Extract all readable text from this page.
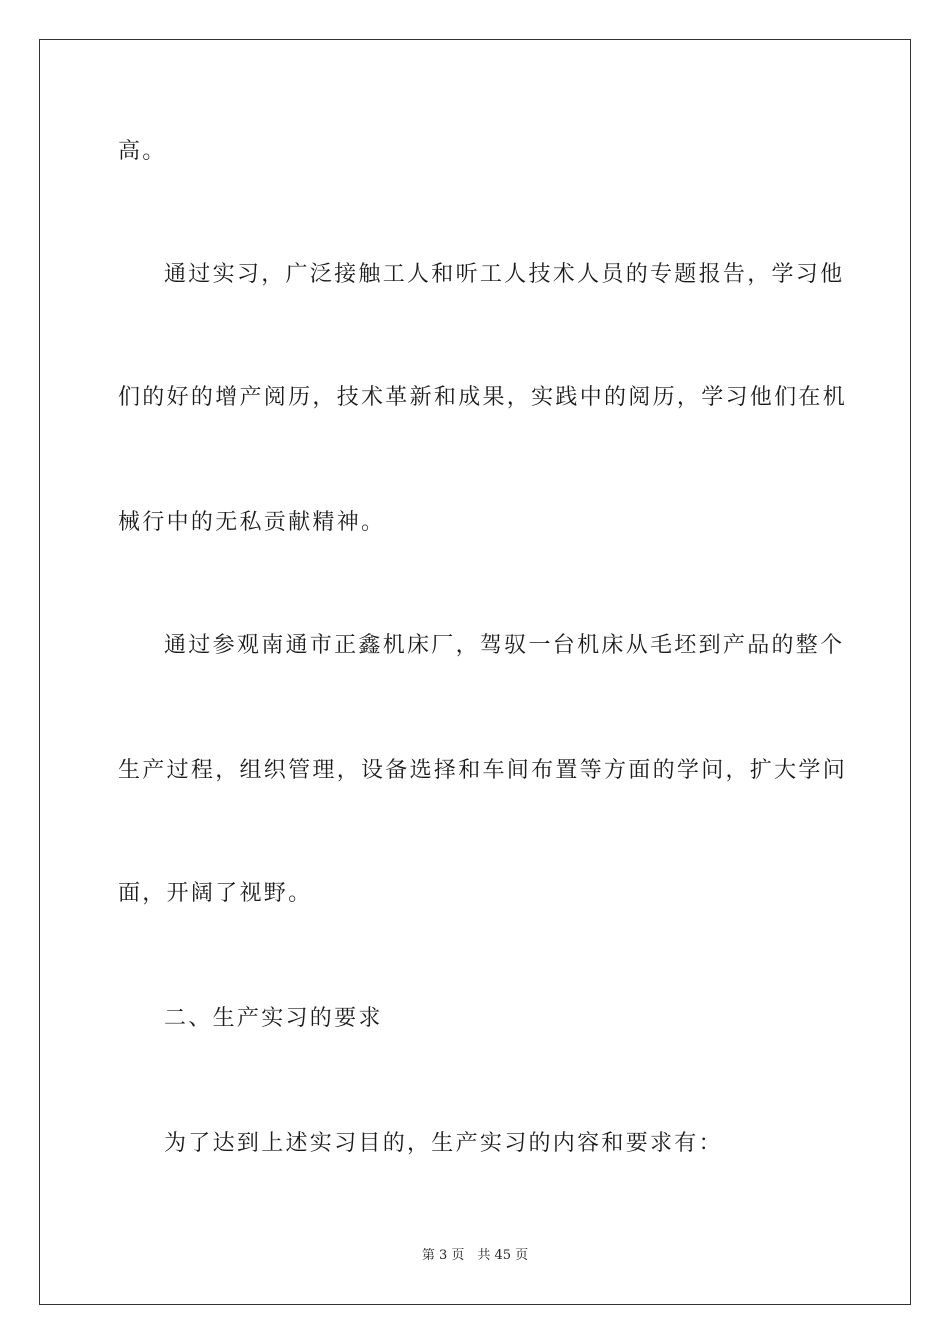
高。
通过实习，广泛接触工人和听工人技术人员的专题报告，学习他
们的好的增产阅历，技术革新和成果，实践中的阅历，学习他们在机
械行中的无私贡献精神。
通过参观南通市正鑫机床厂，驾驭一台机床从毛坯到产品的整个
生产过程，组织管理，设备选择和车间布置等方面的学问，扩大学问
面，开阔了视野。
二、生产实习的要求
为了达到上述实习目的，生产实习的内容和要求有：
第 3 页　共 45 页
